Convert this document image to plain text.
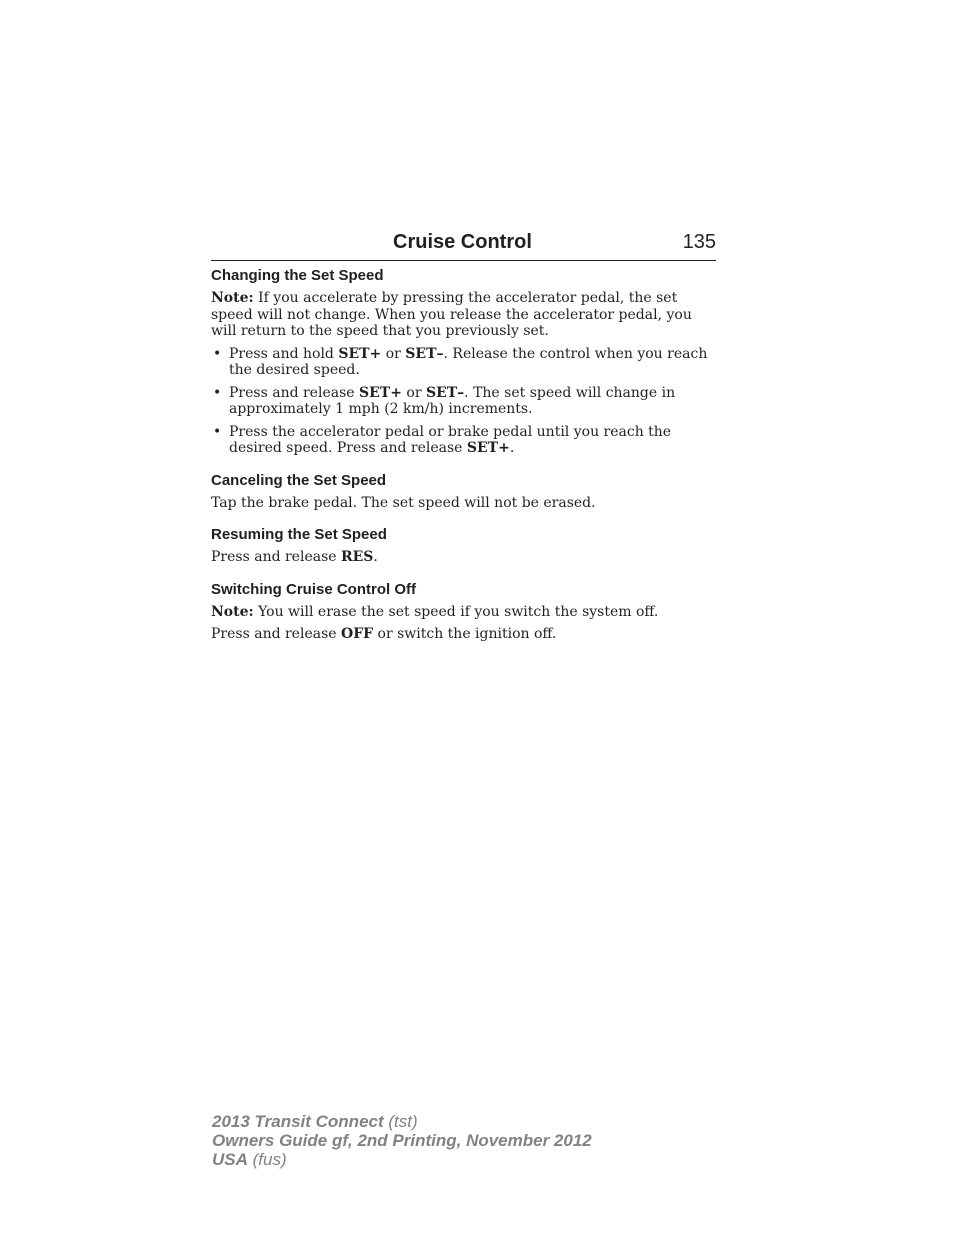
Cruise Control	135
Changing the Set Speed

Note: If you accelerate by pressing the accelerator pedal, the set speed will not change. When you release the accelerator pedal, you will return to the speed that you previously set.

• Press and hold SET+ or SET–. Release the control when you reach the desired speed.
• Press and release SET+ or SET–. The set speed will change in approximately 1 mph (2 km/h) increments.
• Press the accelerator pedal or brake pedal until you reach the desired speed. Press and release SET+.
Canceling the Set Speed

Tap the brake pedal. The set speed will not be erased.

Resuming the Set Speed

Press and release RES.

Switching Cruise Control Off

Note: You will erase the set speed if you switch the system off.

Press and release OFF or switch the ignition off.

2013 Transit Connect (tst)
Owners Guide gf, 2nd Printing, November 2012
USA (fus)
